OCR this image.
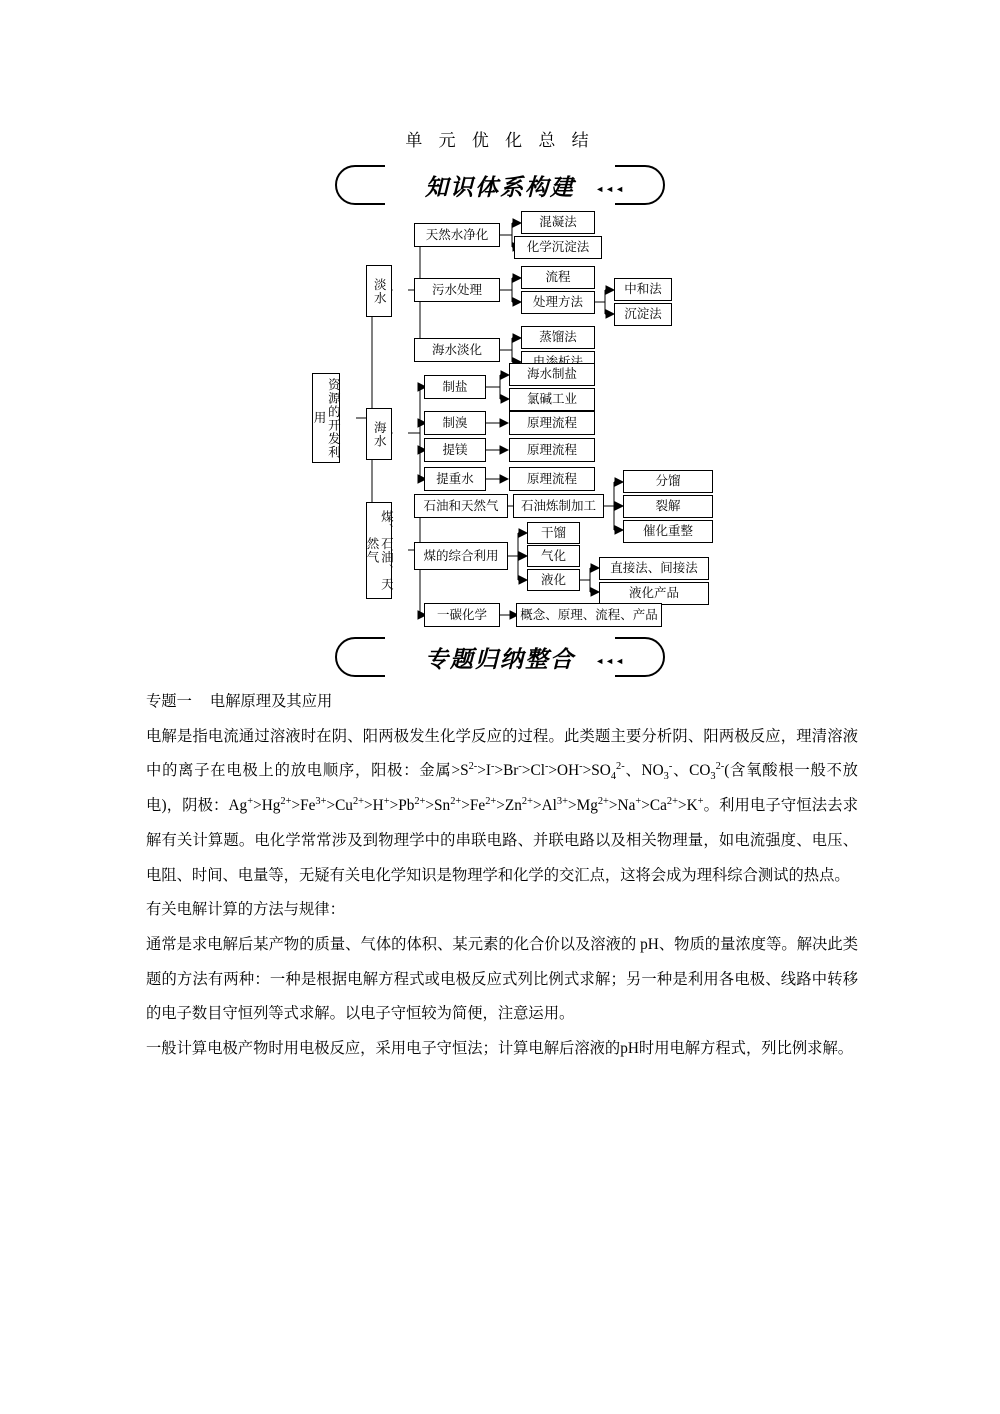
单 元 优 化 总 结
知识体系构建	◄◄◄
资源的开发利用
淡水
海水
煤、石油、天然气
天然水净化
混凝法
化学沉淀法
污水处理
流程
处理方法
中和法
沉淀法
海水淡化
蒸馏法
制盐
海水制盐
氯碱工业
制溴	原理流程
提镁	原理流程
提重水	原理流程
石油和天然气	石油炼制加工
分馏
裂解
催化重整
煤的综合利用
干馏
气化
液化
直接法、间接法
液化产品
一碳化学	概念、原理、流程、产品
专题归纳整合	◄◄◄

专题一 电解原理及其应用

电解是指电流通过溶液时在阴、阳两极发生化学反应的过程。此类题主要分析阴、阳两极反应，理清溶液中的离子在电极上的放电顺序，阳极：金属$>S^{2-}>I^->Br^->Cl^->OH^->SO_4^{2-}$、$NO_3^-$、$CO_3^{2-}$(含氧酸根一般不放电)，阴极：$Ag^+>Hg^{2+}>Fe^{3+}>Cu^{2+}>H^+>Pb^{2+}>Sn^{2+}>Fe^{2+}>Zn^{2+}>Al^{3+}>Mg^{2+}>Na^+>Ca^{2+}>K^+$。利用电子守恒法去求解有关计算题。电化学常常涉及到物理学中的串联电路、并联电路以及相关物理量，如电流强度、电压、电阻、时间、电量等，无疑有关电化学知识是物理学和化学的交汇点，这将会成为理科综合测试的热点。

有关电解计算的方法与规律：

通常是求电解后某产物的质量、气体的体积、某元素的化合价以及溶液的 pH、物质的量浓度等。解决此类题的方法有两种：一种是根据电解方程式或电极反应式列比例式求解；另一种是利用各电极、线路中转移的电子数目守恒列等式求解。以电子守恒较为简便，注意运用。

一般计算电极产物时用电极反应，采用电子守恒法；计算电解后溶液的pH时用电解方程式，列比例求解。
